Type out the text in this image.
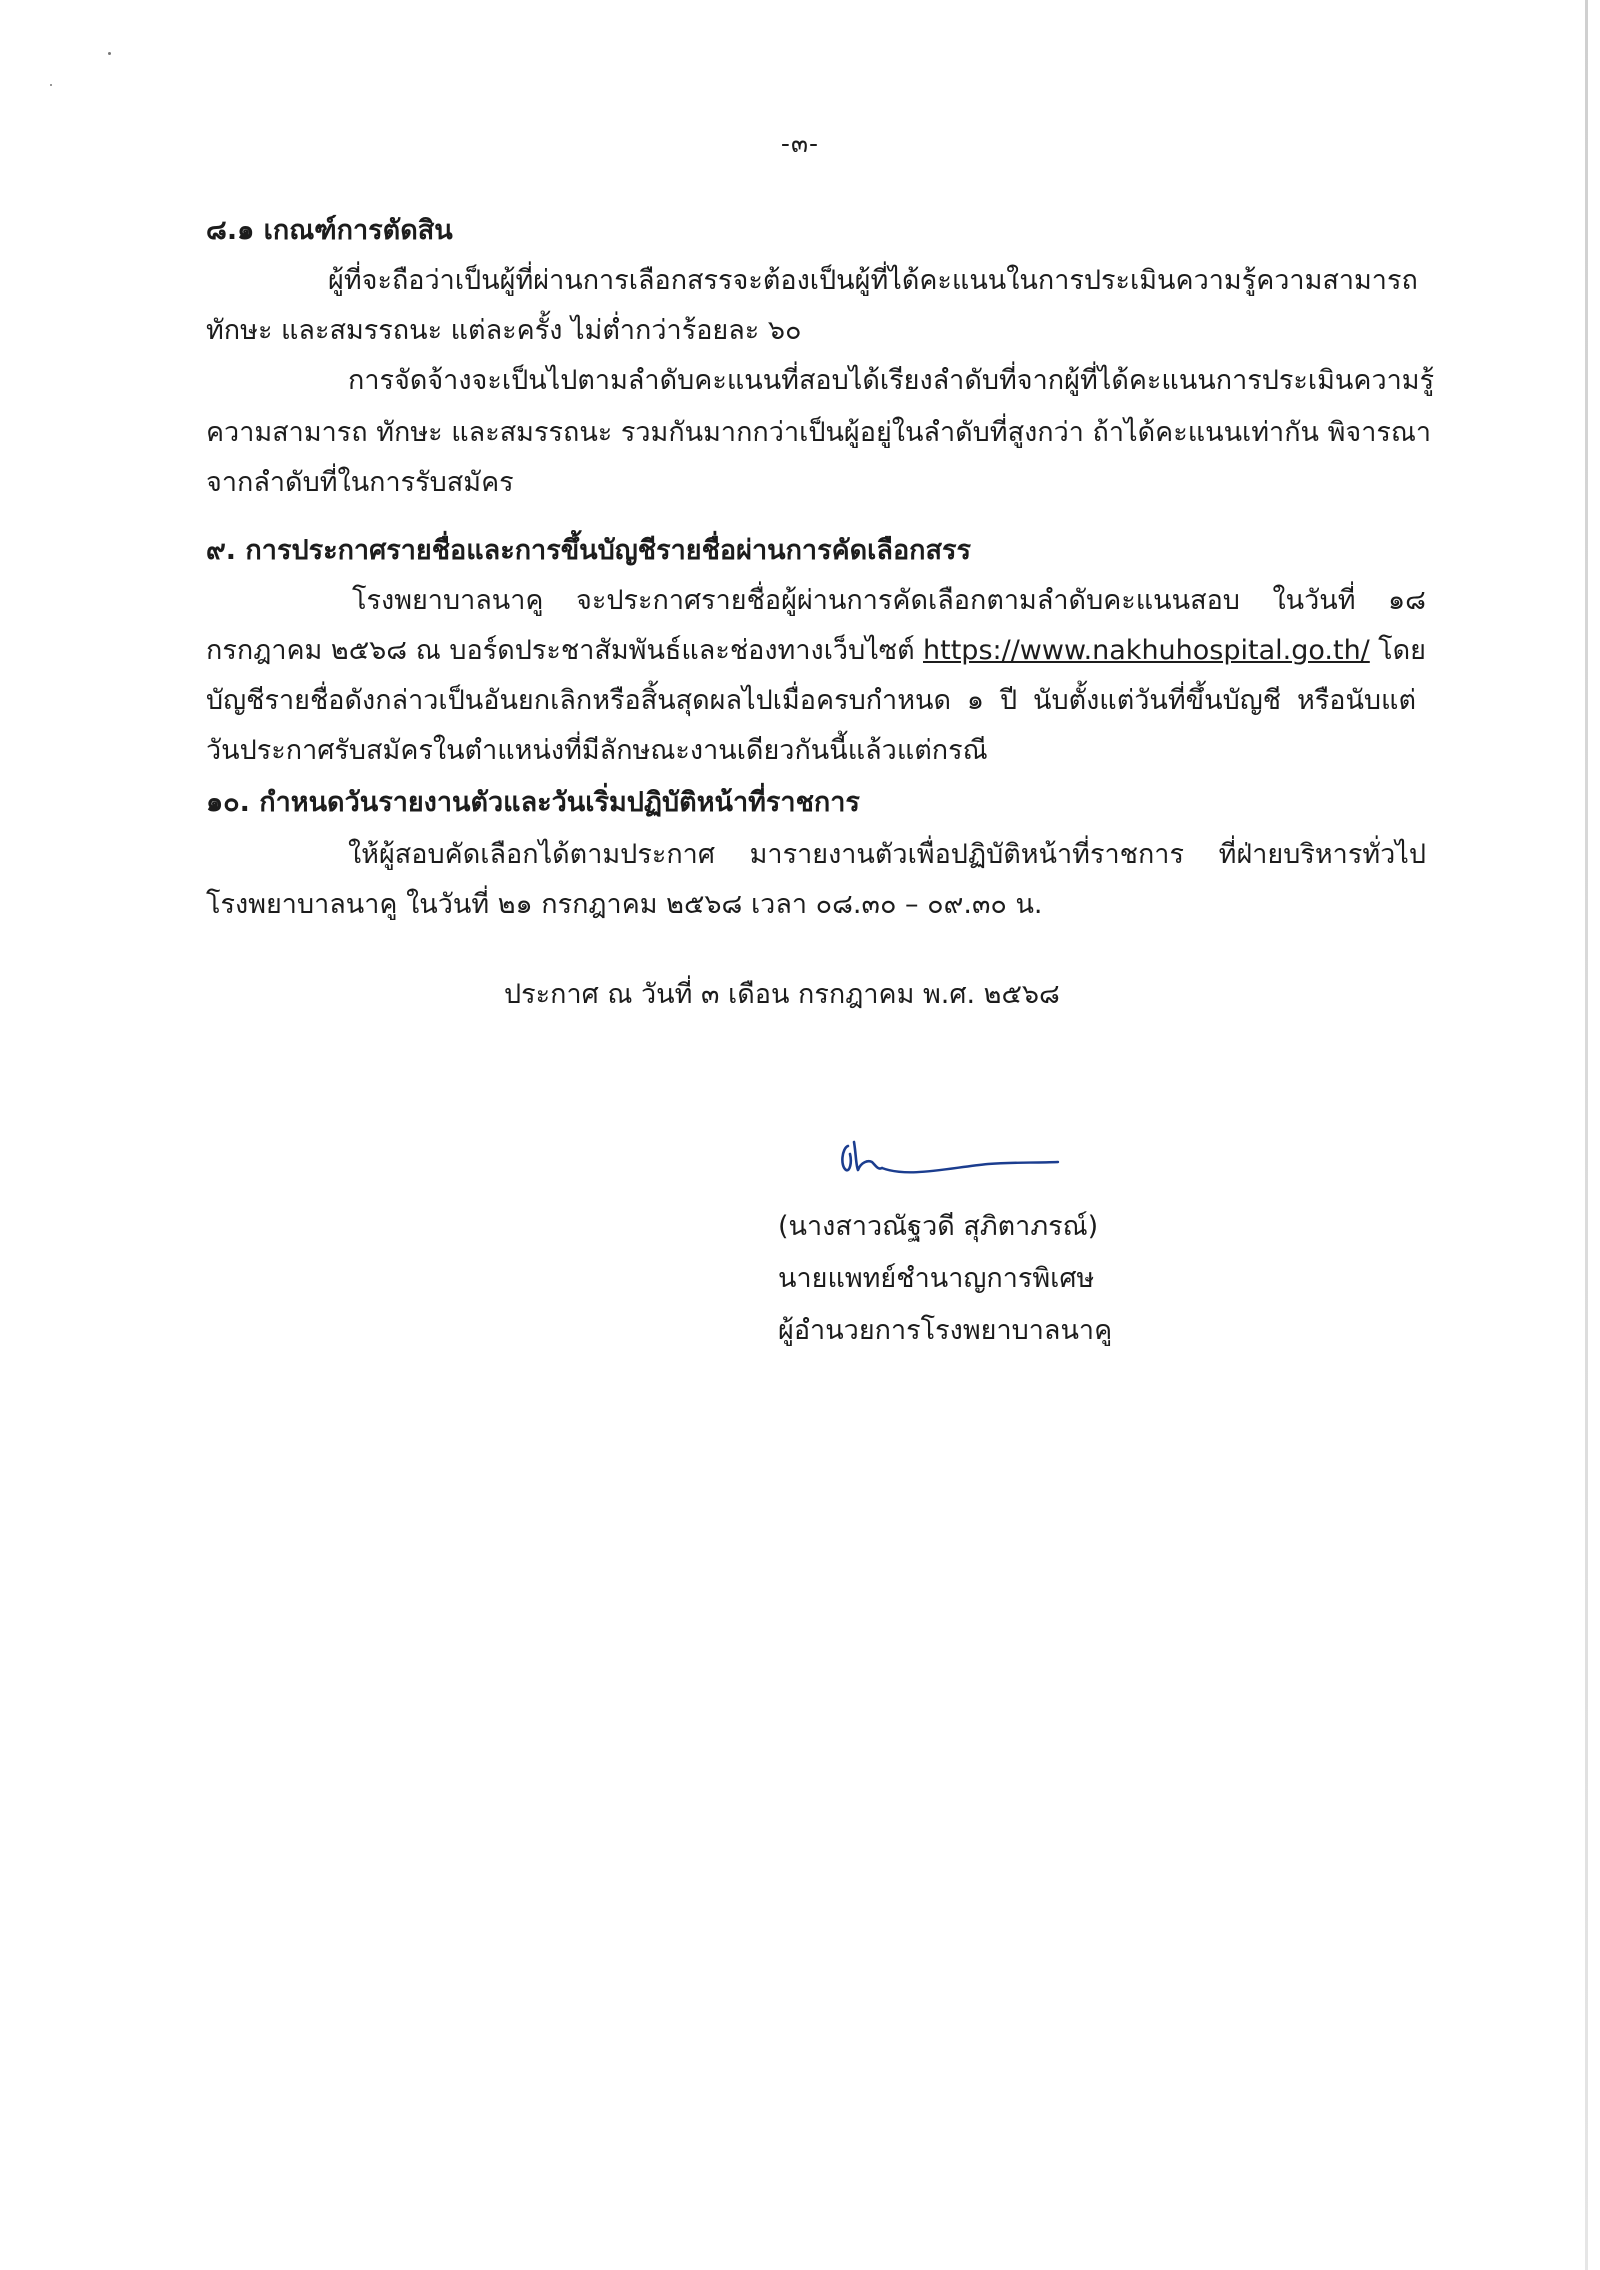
-๓-
๘.๑ เกณฑ์การตัดสิน
ผู้ที่จะถือว่าเป็นผู้ที่ผ่านการเลือกสรรจะต้องเป็นผู้ที่ได้คะแนนในการประเมินความรู้ความสามารถ
ทักษะ และสมรรถนะ แต่ละครั้ง ไม่ต่ำกว่าร้อยละ ๖๐
การจัดจ้างจะเป็นไปตามลำดับคะแนนที่สอบได้เรียงลำดับที่จากผู้ที่ได้คะแนนการประเมินความรู้
ความสามารถ ทักษะ และสมรรถนะ รวมกันมากกว่าเป็นผู้อยู่ในลำดับที่สูงกว่า ถ้าได้คะแนนเท่ากัน พิจารณา
จากลำดับที่ในการรับสมัคร
๙. การประกาศรายชื่อและการขึ้นบัญชีรายชื่อผ่านการคัดเลือกสรร
โรงพยาบาลนาคู จะประกาศรายชื่อผู้ผ่านการคัดเลือกตามลำดับคะแนนสอบ ในวันที่ ๑๘
กรกฎาคม ๒๕๖๘ ณ บอร์ดประชาสัมพันธ์และช่องทางเว็บไซต์ https://www.nakhuhospital.go.th/ โดย
บัญชีรายชื่อดังกล่าวเป็นอันยกเลิกหรือสิ้นสุดผลไปเมื่อครบกำหนด ๑ ปี นับตั้งแต่วันที่ขึ้นบัญชี หรือนับแต่
วันประกาศรับสมัครในตำแหน่งที่มีลักษณะงานเดียวกันนี้แล้วแต่กรณี
๑๐. กำหนดวันรายงานตัวและวันเริ่มปฏิบัติหน้าที่ราชการ
ให้ผู้สอบคัดเลือกได้ตามประกาศ มารายงานตัวเพื่อปฏิบัติหน้าที่ราชการ ที่ฝ่ายบริหารทั่วไป
โรงพยาบาลนาคู ในวันที่ ๒๑ กรกฎาคม ๒๕๖๘ เวลา ๐๘.๓๐ – ๐๙.๓๐ น.
ประกาศ ณ วันที่ ๓ เดือน กรกฎาคม พ.ศ. ๒๕๖๘
(นางสาวณัฐวดี สุภิตาภรณ์)
นายแพทย์ชำนาญการพิเศษ
ผู้อำนวยการโรงพยาบาลนาคู
